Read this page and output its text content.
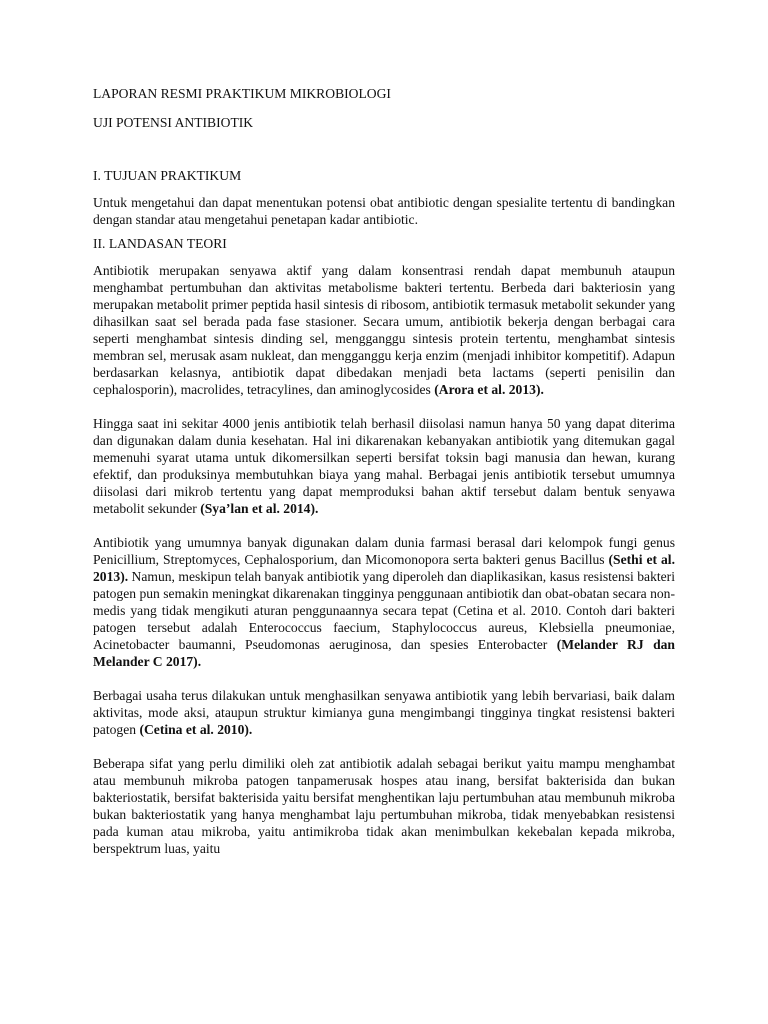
LAPORAN RESMI PRAKTIKUM MIKROBIOLOGI

UJI POTENSI ANTIBIOTIK

I. TUJUAN PRAKTIKUM

Untuk mengetahui dan dapat menentukan potensi obat antibiotic dengan spesialite tertentu di bandingkan dengan standar atau mengetahui penetapan kadar antibiotic.

II. LANDASAN TEORI

Antibiotik merupakan senyawa aktif yang dalam konsentrasi rendah dapat membunuh ataupun menghambat pertumbuhan dan aktivitas metabolisme bakteri tertentu. Berbeda dari bakteriosin yang merupakan metabolit primer peptida hasil sintesis di ribosom, antibiotik termasuk metabolit sekunder yang dihasilkan saat sel berada pada fase stasioner. Secara umum, antibiotik bekerja dengan berbagai cara seperti menghambat sintesis dinding sel, mengganggu sintesis protein tertentu, menghambat sintesis membran sel, merusak asam nukleat, dan mengganggu kerja enzim (menjadi inhibitor kompetitif). Adapun berdasarkan kelasnya, antibiotik dapat dibedakan menjadi beta lactams (seperti penisilin dan cephalosporin), macrolides, tetracylines, dan aminoglycosides (Arora et al. 2013).

Hingga saat ini sekitar 4000 jenis antibiotik telah berhasil diisolasi namun hanya 50 yang dapat diterima dan digunakan dalam dunia kesehatan. Hal ini dikarenakan kebanyakan antibiotik yang ditemukan gagal memenuhi syarat utama untuk dikomersilkan seperti bersifat toksin bagi manusia dan hewan, kurang efektif, dan produksinya membutuhkan biaya yang mahal. Berbagai jenis antibiotik tersebut umumnya diisolasi dari mikrob tertentu yang dapat memproduksi bahan aktif tersebut dalam bentuk senyawa metabolit sekunder (Sya’lan et al. 2014).

Antibiotik yang umumnya banyak digunakan dalam dunia farmasi berasal dari kelompok fungi genus Penicillium, Streptomyces, Cephalosporium, dan Micomonopora serta bakteri genus Bacillus (Sethi et al. 2013). Namun, meskipun telah banyak antibiotik yang diperoleh dan diaplikasikan, kasus resistensi bakteri patogen pun semakin meningkat dikarenakan tingginya penggunaan antibiotik dan obat-obatan secara non-medis yang tidak mengikuti aturan penggunaannya secara tepat (Cetina et al. 2010. Contoh dari bakteri patogen tersebut adalah Enterococcus faecium, Staphylococcus aureus, Klebsiella pneumoniae, Acinetobacter baumanni, Pseudomonas aeruginosa, dan spesies Enterobacter (Melander RJ dan Melander C 2017).

Berbagai usaha terus dilakukan untuk menghasilkan senyawa antibiotik yang lebih bervariasi, baik dalam aktivitas, mode aksi, ataupun struktur kimianya guna mengimbangi tingginya tingkat resistensi bakteri patogen (Cetina et al. 2010).

Beberapa sifat yang perlu dimiliki oleh zat antibiotik adalah sebagai berikut yaitu mampu menghambat atau membunuh mikroba patogen tanpamerusak hospes atau inang, bersifat bakterisida dan bukan bakteriostatik, bersifat bakterisida yaitu bersifat menghentikan laju pertumbuhan atau membunuh mikroba bukan bakteriostatik yang hanya menghambat laju pertumbuhan mikroba, tidak menyebabkan resistensi pada kuman atau mikroba, yaitu antimikroba tidak akan menimbulkan kekebalan kepada mikroba, berspektrum luas, yaitu
